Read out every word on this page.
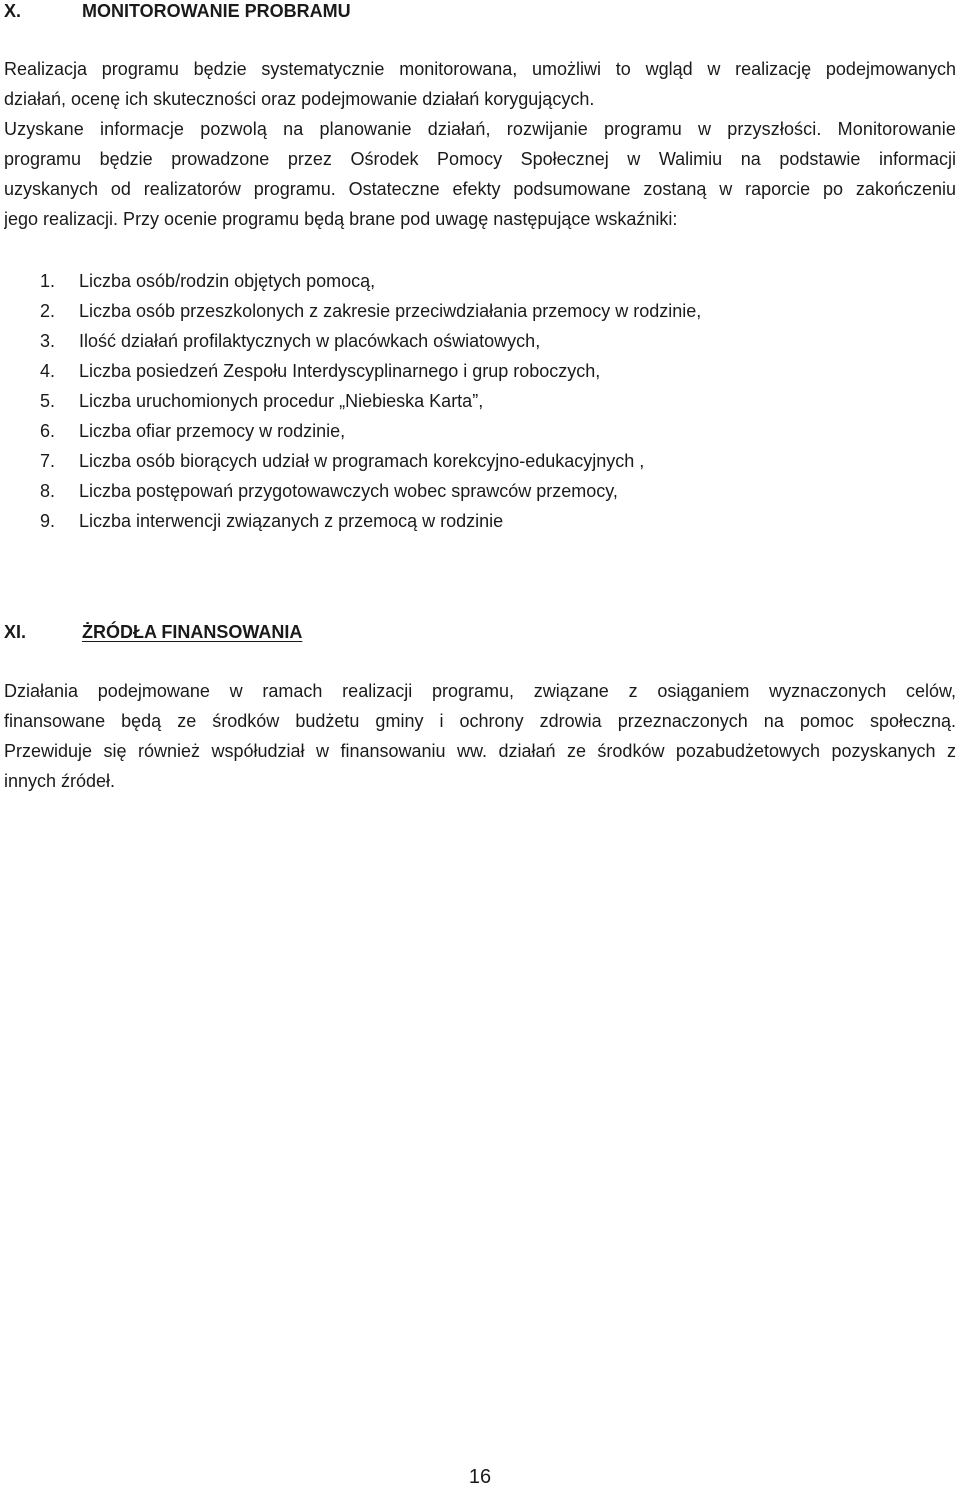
X.	MONITOROWANIE PROBRAMU
Realizacja programu będzie systematycznie monitorowana, umożliwi to wgląd w realizację podejmowanych
działań, ocenę ich skuteczności oraz podejmowanie działań korygujących.
Uzyskane informacje pozwolą na planowanie działań, rozwijanie programu w przyszłości. Monitorowanie
programu będzie prowadzone przez Ośrodek Pomocy Społecznej w Walimiu na podstawie informacji
uzyskanych od realizatorów programu. Ostateczne efekty podsumowane zostaną w raporcie po zakończeniu
jego realizacji. Przy ocenie programu będą brane pod uwagę następujące wskaźniki:
1. Liczba osób/rodzin objętych pomocą,
2. Liczba osób przeszkolonych z zakresie przeciwdziałania przemocy w rodzinie,
3. Ilość działań profilaktycznych w placówkach oświatowych,
4. Liczba posiedzeń Zespołu Interdyscyplinarnego i grup roboczych,
5. Liczba uruchomionych procedur „Niebieska Karta”,
6. Liczba ofiar przemocy w rodzinie,
7. Liczba osób biorących udział w programach korekcyjno-edukacyjnych ,
8. Liczba postępowań przygotowawczych wobec sprawców przemocy,
9. Liczba interwencji związanych z przemocą w rodzinie
XI.	ŻRÓDŁA FINANSOWANIA
Działania podejmowane w ramach realizacji programu, związane z osiąganiem wyznaczonych celów,
finansowane będą ze środków budżetu gminy i ochrony zdrowia przeznaczonych na pomoc społeczną.
Przewiduje się również współudział w finansowaniu ww. działań ze środków pozabudżetowych pozyskanych z
innych źródeł.
16
